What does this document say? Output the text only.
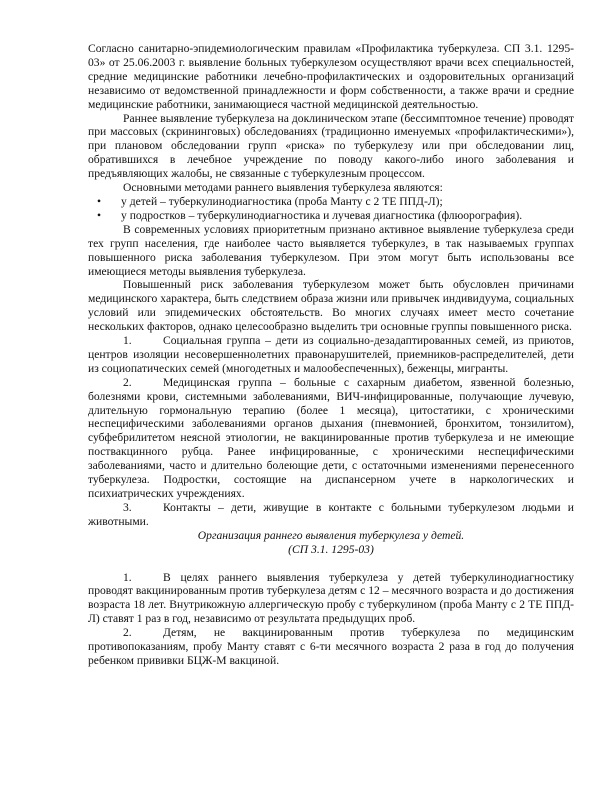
Согласно санитарно-эпидемиологическим правилам «Профилактика туберкулеза. СП 3.1. 1295-03» от 25.06.2003 г. выявление больных туберкулезом осуществляют врачи всех специальностей, средние медицинские работники лечебно-профилактических и оздоровительных организаций независимо от ведомственной принадлежности и форм собственности, а также врачи и средние медицинские работники, занимающиеся частной медицинской деятельностью.

Раннее выявление туберкулеза на доклиническом этапе (бессимптомное течение) проводят при массовых (скрининговых) обследованиях (традиционно именуемых «профилактическими»), при плановом обследовании групп «риска» по туберкулезу или при обследовании лиц, обратившихся в лечебное учреждение по поводу какого-либо иного заболевания и предъявляющих жалобы, не связанные с туберкулезным процессом.

Основными методами раннего выявления туберкулеза являются:

•	у детей – туберкулинодиагностика (проба Манту с 2 ТЕ ППД-Л);
•	у подростков – туберкулинодиагностика и лучевая диагностика (флюорография).

В современных условиях приоритетным признано активное выявление туберкулеза среди тех групп населения, где наиболее часто выявляется туберкулез, в так называемых группах повышенного риска заболевания туберкулезом. При этом могут быть использованы все имеющиеся методы выявления туберкулеза.

Повышенный риск заболевания туберкулезом может быть обусловлен причинами медицинского характера, быть следствием образа жизни или привычек индивидуума, социальных условий или эпидемических обстоятельств. Во многих случаях имеет место сочетание нескольких факторов, однако целесообразно выделить три основные группы повышенного риска.

1.	Социальная группа – дети из социально-дезадаптированных семей, из приютов, центров изоляции несовершеннолетних правонарушителей, приемников-распределителей, дети из социопатических семей (многодетных и малообеспеченных), беженцы, мигранты.

2.	Медицинская группа – больные с сахарным диабетом, язвенной болезнью, болезнями крови, системными заболеваниями, ВИЧ-инфицированные, получающие лучевую, длительную гормональную терапию (более 1 месяца), цитостатики, с хроническими неспецифическими заболеваниями органов дыхания (пневмонией, бронхитом, тонзилитом), субфебрилитетом неясной этиологии, не вакцинированные против туберкулеза и не имеющие поствакцинного рубца. Ранее инфицированные, с хроническими неспецифическими заболеваниями, часто и длительно болеющие дети, с остаточными изменениями перенесенного туберкулеза. Подростки, состоящие на диспансерном учете в наркологических и психиатрических учреждениях.

3.	Контакты – дети, живущие в контакте с больными туберкулезом людьми и животными.

Организация раннего выявления туберкулеза у детей.

(СП 3.1. 1295-03)

1.	В целях раннего выявления туберкулеза у детей туберкулинодиагностику проводят вакцинированным против туберкулеза детям с 12 – месячного возраста и до достижения возраста 18 лет. Внутрикожную аллергическую пробу с туберкулином (проба Манту с 2 ТЕ ППД-Л) ставят 1 раз в год, независимо от результата предыдущих проб.

2.	Детям, не вакцинированным против туберкулеза по медицинским противопоказаниям, пробу Манту ставят с 6-ти месячного возраста 2 раза в год до получения ребенком прививки БЦЖ-М вакциной.
